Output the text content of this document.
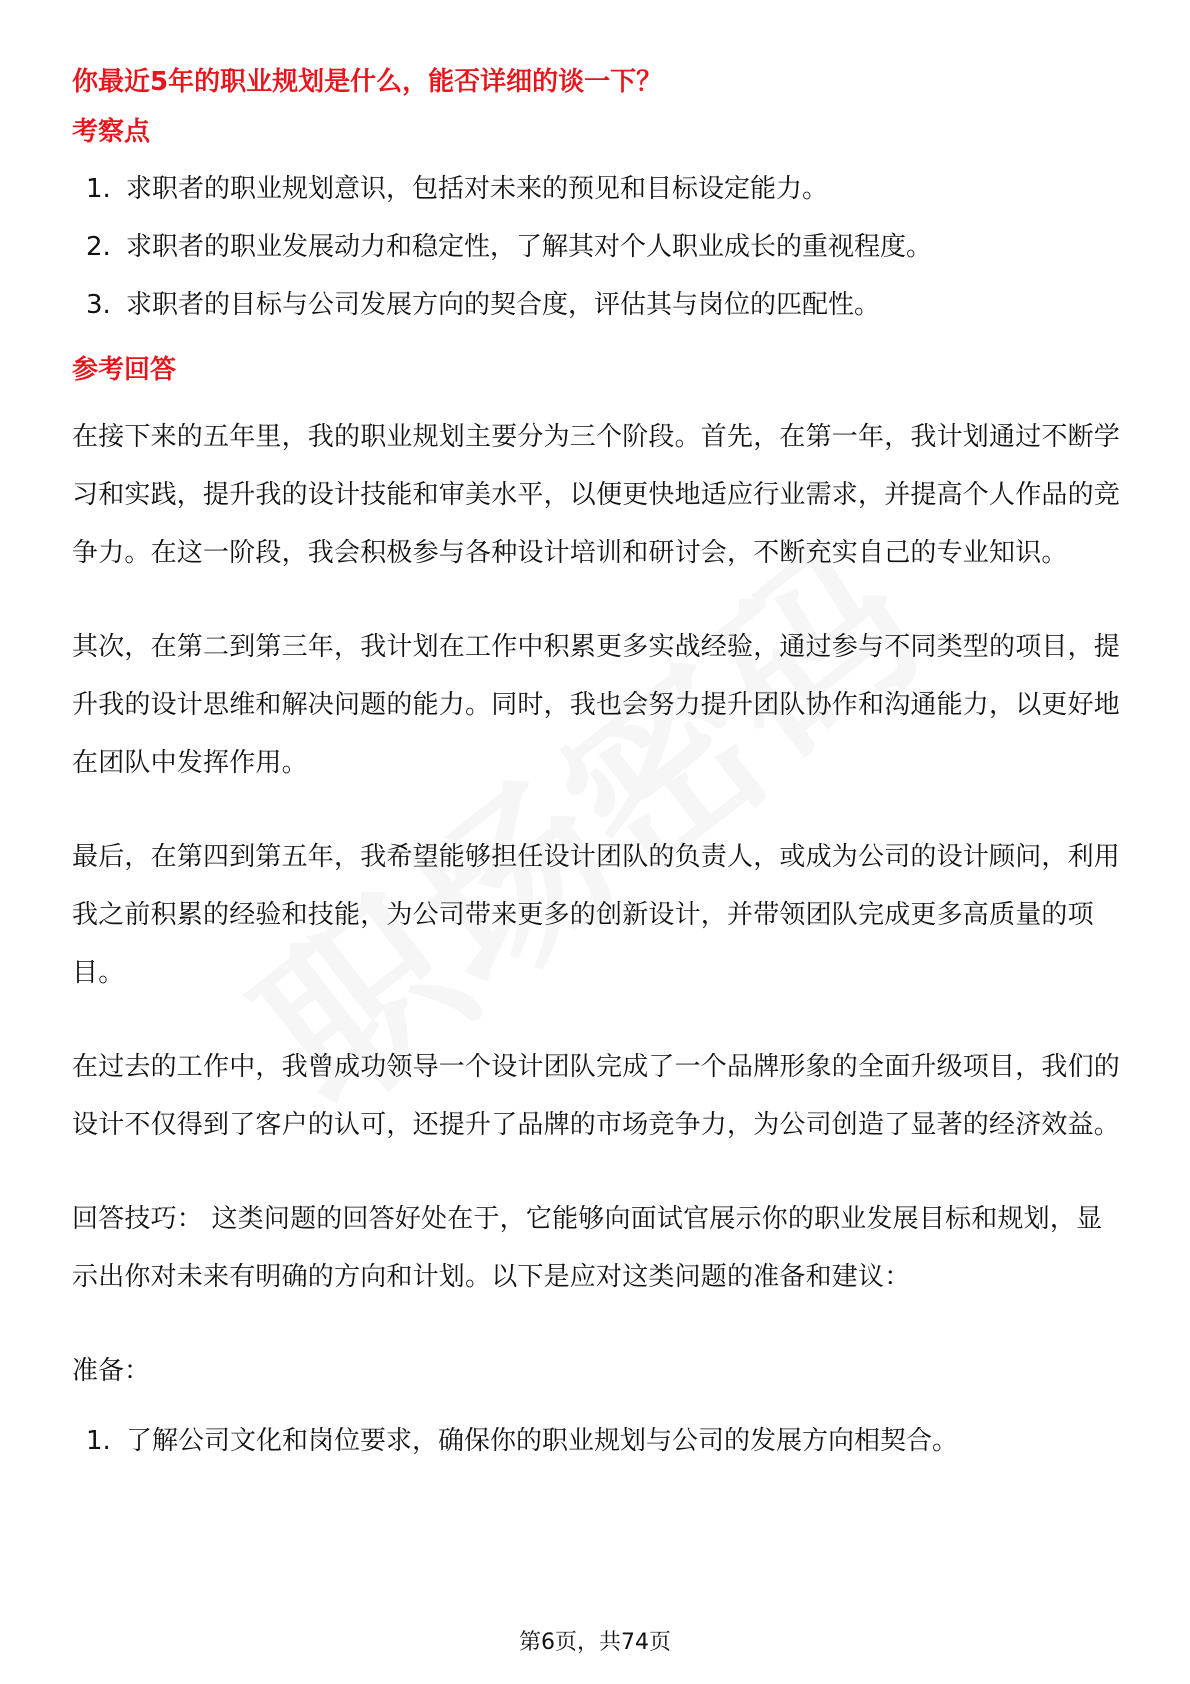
你最近5年的职业规划是什么，能否详细的谈一下？
考察点
1. 求职者的职业规划意识，包括对未来的预见和目标设定能力。
2. 求职者的职业发展动力和稳定性，了解其对个人职业成长的重视程度。
3. 求职者的目标与公司发展方向的契合度，评估其与岗位的匹配性。
参考回答

在接下来的五年里，我的职业规划主要分为三个阶段。首先，在第一年，我计划通过不断学习和实践，提升我的设计技能和审美水平，以便更快地适应行业需求，并提高个人作品的竞争力。在这一阶段，我会积极参与各种设计培训和研讨会，不断充实自己的专业知识。

其次，在第二到第三年，我计划在工作中积累更多实战经验，通过参与不同类型的项目，提升我的设计思维和解决问题的能力。同时，我也会努力提升团队协作和沟通能力，以更好地在团队中发挥作用。

最后，在第四到第五年，我希望能够担任设计团队的负责人，或成为公司的设计顾问，利用我之前积累的经验和技能，为公司带来更多的创新设计，并带领团队完成更多高质量的项目。

在过去的工作中，我曾成功领导一个设计团队完成了一个品牌形象的全面升级项目，我们的设计不仅得到了客户的认可，还提升了品牌的市场竞争力，为公司创造了显著的经济效益。

回答技巧： 这类问题的回答好处在于，它能够向面试官展示你的职业发展目标和规划，显示出你对未来有明确的方向和计划。以下是应对这类问题的准备和建议：

准备：
1. 了解公司文化和岗位要求，确保你的职业规划与公司的发展方向相契合。
第6页，共74页
